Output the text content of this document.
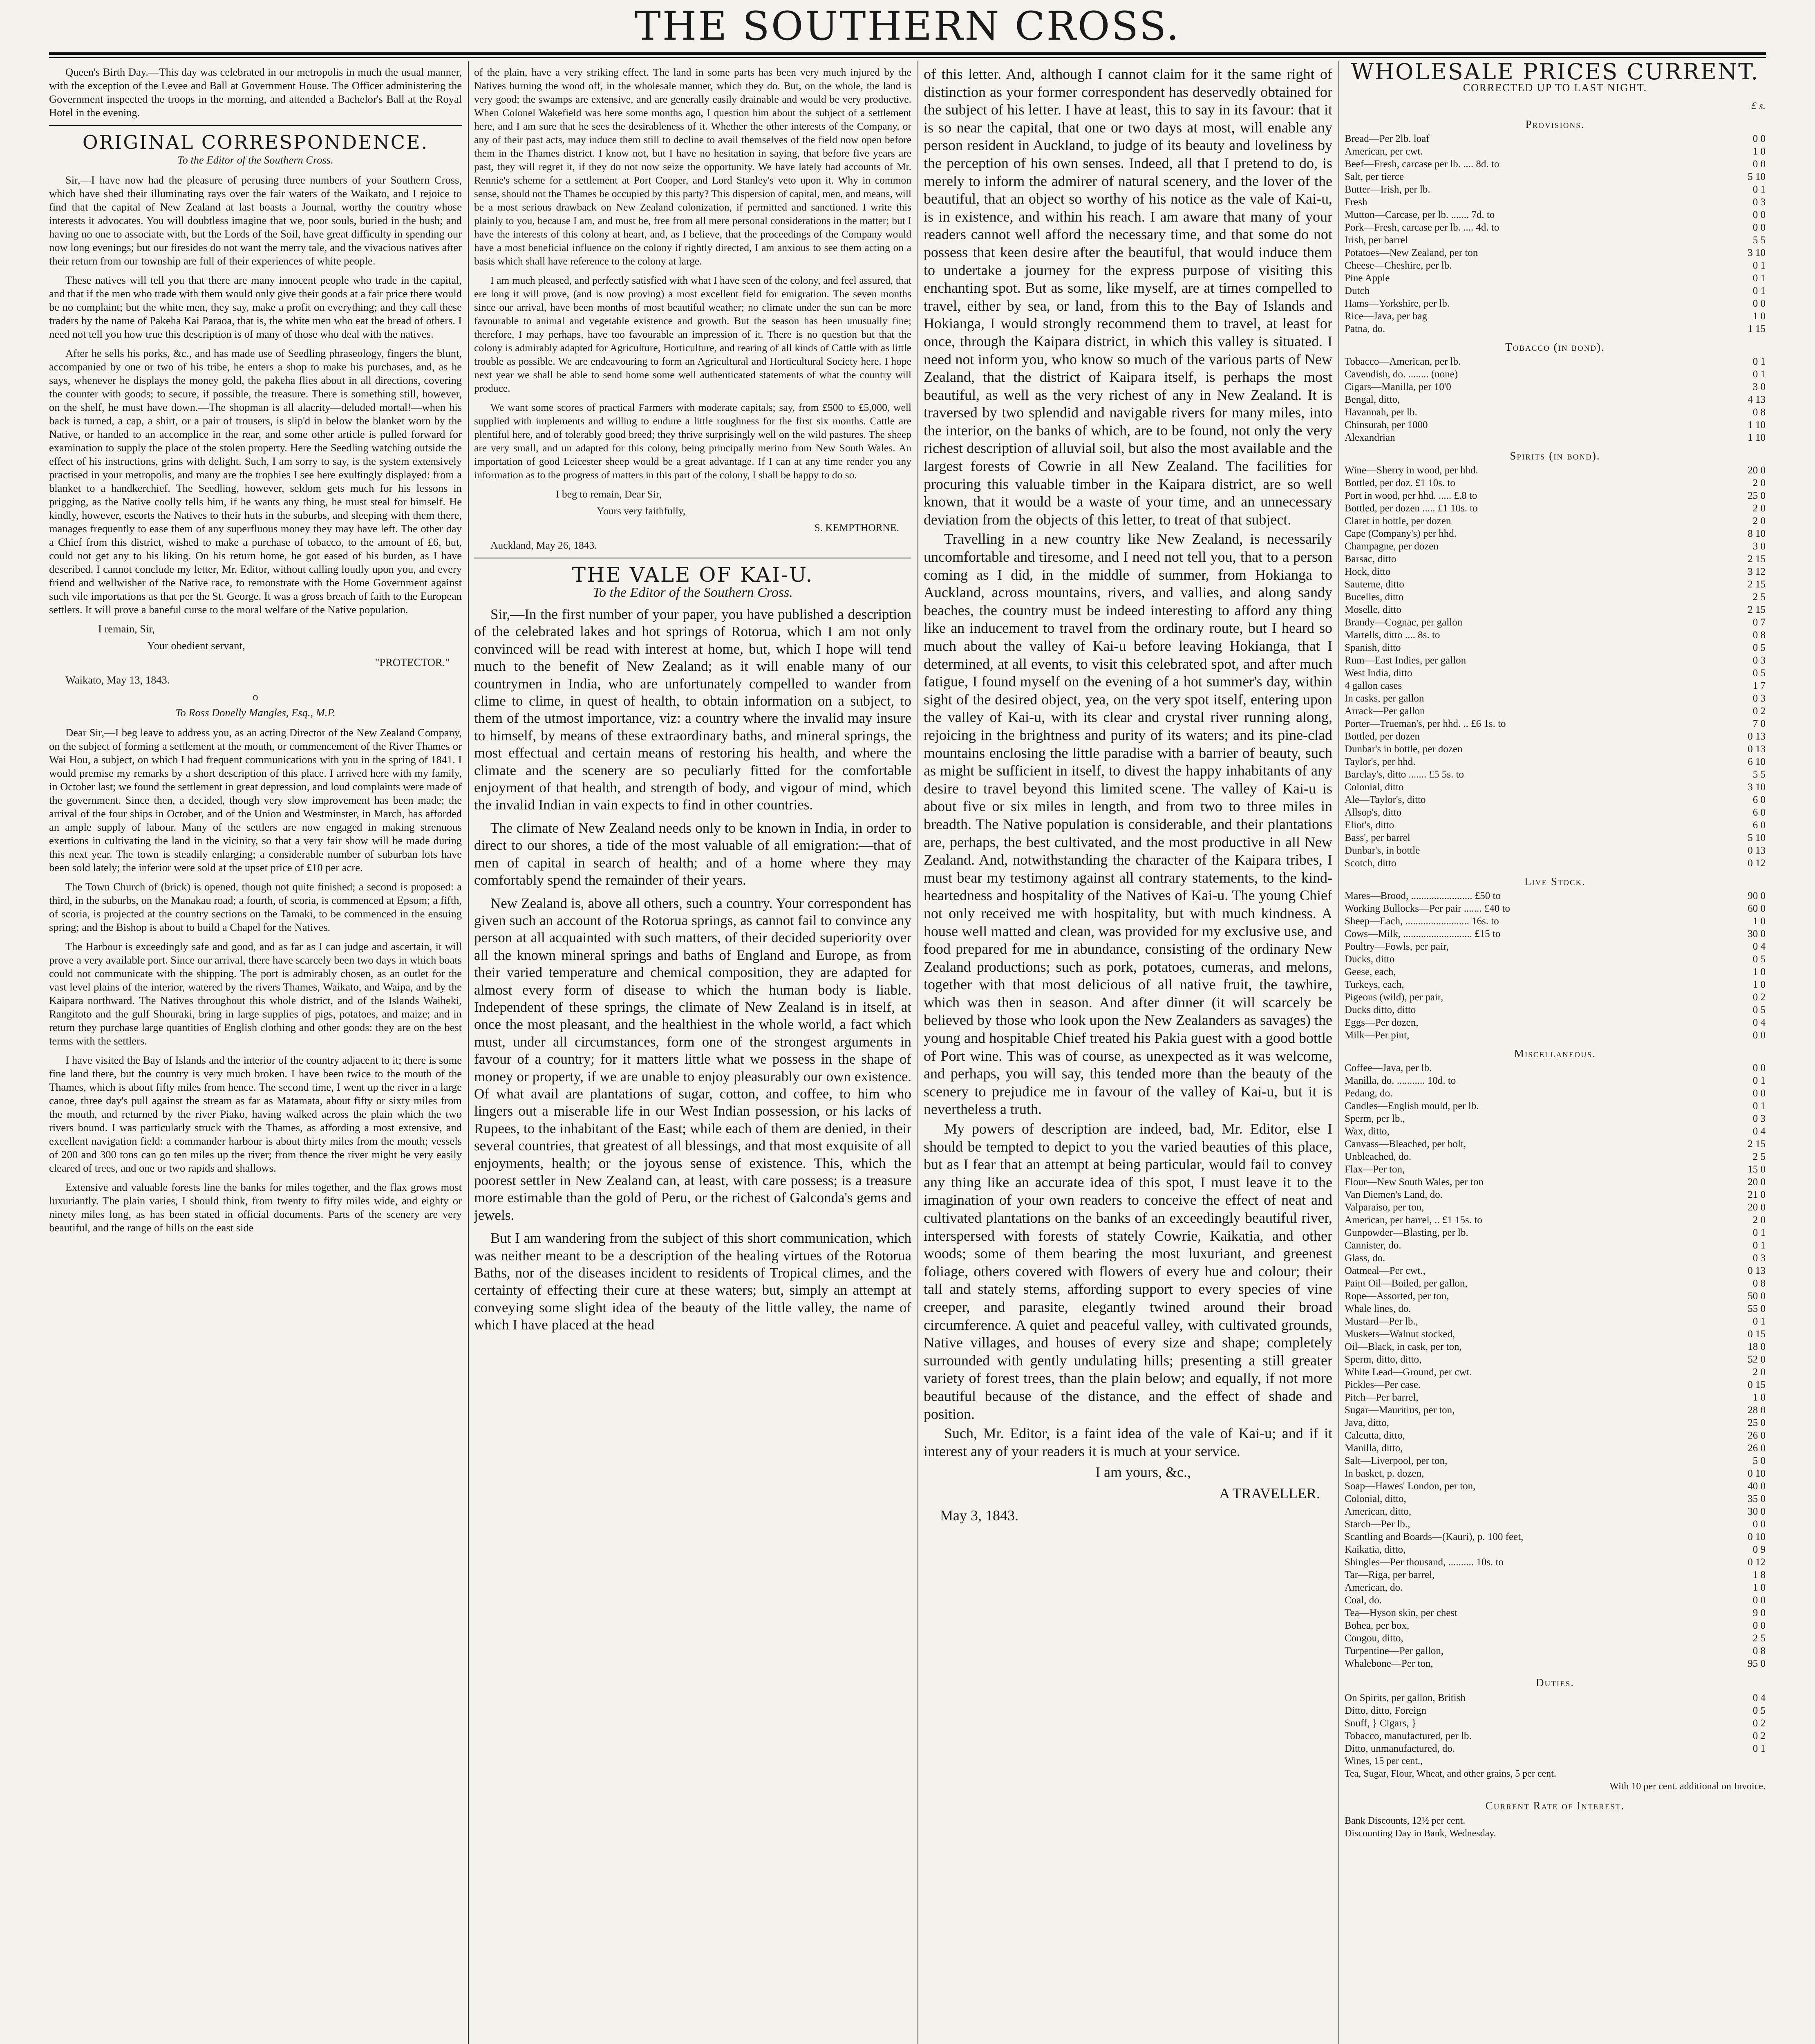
THE SOUTHERN CROSS.

Queen's Birth Day.—This day was celebrated in our metropolis in much the usual manner, with the exception of the Levee and Ball at Government House. The Officer administering the Government inspected the troops in the morning, and attended a Bachelor's Ball at the Royal Hotel in the evening.

ORIGINAL CORRESPONDENCE.
To the Editor of the Southern Cross.

Sir,—I have now had the pleasure of perusing three numbers of your Southern Cross, which have shed their illuminating rays over the fair waters of the Waikato, and I rejoice to find that the capital of New Zealand at last boasts a Journal, worthy the country whose interests it advocates. You will doubtless imagine that we, poor souls, buried in the bush; and having no one to associate with, but the Lords of the Soil, have great difficulty in spending our now long evenings; but our firesides do not want the merry tale, and the vivacious natives after their return from our township are full of their experiences of white people.

These natives will tell you that there are many innocent people who trade in the capital, and that if the men who trade with them would only give their goods at a fair price there would be no complaint; but the white men, they say, make a profit on everything; and they call these traders by the name of Pakeha Kai Paraoa, that is, the white men who eat the bread of others. I need not tell you how true this description is of many of those who deal with the natives.

After he sells his porks, &c., and has made use of Seedling phraseology, fingers the blunt, accompanied by one or two of his tribe, he enters a shop to make his purchases, and, as he says, whenever he displays the money gold, the pakeha flies about in all directions, covering the counter with goods; to secure, if possible, the treasure. There is something still, however, on the shelf, he must have down.—The shopman is all alacrity—deluded mortal!—when his back is turned, a cap, a shirt, or a pair of trousers, is slip'd in below the blanket worn by the Native, or handed to an accomplice in the rear, and some other article is pulled forward for examination to supply the place of the stolen property. Here the Seedling watching outside the effect of his instructions, grins with delight. Such, I am sorry to say, is the system extensively practised in your metropolis, and many are the trophies I see here exultingly displayed: from a blanket to a handkerchief. The Seedling, however, seldom gets much for his lessons in prigging, as the Native coolly tells him, if he wants any thing, he must steal for himself. He kindly, however, escorts the Natives to their huts in the suburbs, and sleeping with them there, manages frequently to ease them of any superfluous money they may have left. The other day a Chief from this district, wished to make a purchase of tobacco, to the amount of £6, but, could not get any to his liking. On his return home, he got eased of his burden, as I have described. I cannot conclude my letter, Mr. Editor, without calling loudly upon you, and every friend and wellwisher of the Native race, to remonstrate with the Home Government against such vile importations as that per the St. George. It was a gross breach of faith to the European settlers. It will prove a baneful curse to the moral welfare of the Native population.

I remain, Sir,
Your obedient servant,
"PROTECTOR."
Waikato, May 13, 1843.
o
To Ross Donelly Mangles, Esq., M.P.

Dear Sir,—I beg leave to address you, as an acting Director of the New Zealand Company, on the subject of forming a settlement at the mouth, or commencement of the River Thames or Wai Hou, a subject, on which I had frequent communications with you in the spring of 1841. I would premise my remarks by a short description of this place. I arrived here with my family, in October last; we found the settlement in great depression, and loud complaints were made of the government. Since then, a decided, though very slow improvement has been made; the arrival of the four ships in October, and of the Union and Westminster, in March, has afforded an ample supply of labour. Many of the settlers are now engaged in making strenuous exertions in cultivating the land in the vicinity, so that a very fair show will be made during this next year. The town is steadily enlarging; a considerable number of suburban lots have been sold lately; the inferior were sold at the upset price of £10 per acre.

The Town Church of (brick) is opened, though not quite finished; a second is proposed: a third, in the suburbs, on the Manakau road; a fourth, of scoria, is commenced at Epsom; a fifth, of scoria, is projected at the country sections on the Tamaki, to be commenced in the ensuing spring; and the Bishop is about to build a Chapel for the Natives.

The Harbour is exceedingly safe and good, and as far as I can judge and ascertain, it will prove a very available port. Since our arrival, there have scarcely been two days in which boats could not communicate with the shipping. The port is admirably chosen, as an outlet for the vast level plains of the interior, watered by the rivers Thames, Waikato, and Waipa, and by the Kaipara northward. The Natives throughout this whole district, and of the Islands Waiheki, Rangitoto and the gulf Shouraki, bring in large supplies of pigs, potatoes, and maize; and in return they purchase large quantities of English clothing and other goods: they are on the best terms with the settlers.

I have visited the Bay of Islands and the interior of the country adjacent to it; there is some fine land there, but the country is very much broken. I have been twice to the mouth of the Thames, which is about fifty miles from hence. The second time, I went up the river in a large canoe, three day's pull against the stream as far as Matamata, about fifty or sixty miles from the mouth, and returned by the river Piako, having walked across the plain which the two rivers bound. I was particularly struck with the Thames, as affording a most extensive, and excellent navigation field: a commander harbour is about thirty miles from the mouth; vessels of 200 and 300 tons can go ten miles up the river; from thence the river might be very easily cleared of trees, and one or two rapids and shallows.

Extensive and valuable forests line the banks for miles together, and the flax grows most luxuriantly. The plain varies, I should think, from twenty to fifty miles wide, and eighty or ninety miles long, as has been stated in official documents. Parts of the scenery are very beautiful, and the range of hills on the east side

of the plain, have a very striking effect. The land in some parts has been very much injured by the Natives burning the wood off, in the wholesale manner, which they do. But, on the whole, the land is very good; the swamps are extensive, and are generally easily drainable and would be very productive. When Colonel Wakefield was here some months ago, I question him about the subject of a settlement here, and I am sure that he sees the desirableness of it. Whether the other interests of the Company, or any of their past acts, may induce them still to decline to avail themselves of the field now open before them in the Thames district. I know not, but I have no hesitation in saying, that before five years are past, they will regret it, if they do not now seize the opportunity. We have lately had accounts of Mr. Rennie's scheme for a settlement at Port Cooper, and Lord Stanley's veto upon it. Why in common sense, should not the Thames be occupied by this party? This dispersion of capital, men, and means, will be a most serious drawback on New Zealand colonization, if permitted and sanctioned. I write this plainly to you, because I am, and must be, free from all mere personal considerations in the matter; but I have the interests of this colony at heart, and, as I believe, that the proceedings of the Company would have a most beneficial influence on the colony if rightly directed, I am anxious to see them acting on a basis which shall have reference to the colony at large.

I am much pleased, and perfectly satisfied with what I have seen of the colony, and feel assured, that ere long it will prove, (and is now proving) a most excellent field for emigration. The seven months since our arrival, have been months of most beautiful weather; no climate under the sun can be more favourable to animal and vegetable existence and growth. But the season has been unusually fine; therefore, I may perhaps, have too favourable an impression of it. There is no question but that the colony is admirably adapted for Agriculture, Horticulture, and rearing of all kinds of Cattle with as little trouble as possible. We are endeavouring to form an Agricultural and Horticultural Society here. I hope next year we shall be able to send home some well authenticated statements of what the country will produce.

We want some scores of practical Farmers with moderate capitals; say, from £500 to £5,000, well supplied with implements and willing to endure a little roughness for the first six months. Cattle are plentiful here, and of tolerably good breed; they thrive surprisingly well on the wild pastures. The sheep are very small, and un adapted for this colony, being principally merino from New South Wales. An importation of good Leicester sheep would be a great advantage. If I can at any time render you any information as to the progress of matters in this part of the colony, I shall be happy to do so.

I beg to remain, Dear Sir,
Yours very faithfully,
S. KEMPTHORNE.
Auckland, May 26, 1843.
THE VALE OF KAI-U.
To the Editor of the Southern Cross.

Sir,—In the first number of your paper, you have published a description of the celebrated lakes and hot springs of Rotorua, which I am not only convinced will be read with interest at home, but, which I hope will tend much to the benefit of New Zealand; as it will enable many of our countrymen in India, who are unfortunately compelled to wander from clime to clime, in quest of health, to obtain information on a subject, to them of the utmost importance, viz: a country where the invalid may insure to himself, by means of these extraordinary baths, and mineral springs, the most effectual and certain means of restoring his health, and where the climate and the scenery are so peculiarly fitted for the comfortable enjoyment of that health, and strength of body, and vigour of mind, which the invalid Indian in vain expects to find in other countries.

The climate of New Zealand needs only to be known in India, in order to direct to our shores, a tide of the most valuable of all emigration:—that of men of capital in search of health; and of a home where they may comfortably spend the remainder of their years.

New Zealand is, above all others, such a country. Your correspondent has given such an account of the Rotorua springs, as cannot fail to convince any person at all acquainted with such matters, of their decided superiority over all the known mineral springs and baths of England and Europe, as from their varied temperature and chemical composition, they are adapted for almost every form of disease to which the human body is liable. Independent of these springs, the climate of New Zealand is in itself, at once the most pleasant, and the healthiest in the whole world, a fact which must, under all circumstances, form one of the strongest arguments in favour of a country; for it matters little what we possess in the shape of money or property, if we are unable to enjoy pleasurably our own existence. Of what avail are plantations of sugar, cotton, and coffee, to him who lingers out a miserable life in our West Indian possession, or his lacks of Rupees, to the inhabitant of the East; while each of them are denied, in their several countries, that greatest of all blessings, and that most exquisite of all enjoyments, health; or the joyous sense of existence. This, which the poorest settler in New Zealand can, at least, with care possess; is a treasure more estimable than the gold of Peru, or the richest of Galconda's gems and jewels.

But I am wandering from the subject of this short communication, which was neither meant to be a description of the healing virtues of the Rotorua Baths, nor of the diseases incident to residents of Tropical climes, and the certainty of effecting their cure at these waters; but, simply an attempt at conveying some slight idea of the beauty of the little valley, the name of which I have placed at the head

of this letter. And, although I cannot claim for it the same right of distinction as your former correspondent has deservedly obtained for the subject of his letter. I have at least, this to say in its favour: that it is so near the capital, that one or two days at most, will enable any person resident in Auckland, to judge of its beauty and loveliness by the perception of his own senses. Indeed, all that I pretend to do, is merely to inform the admirer of natural scenery, and the lover of the beautiful, that an object so worthy of his notice as the vale of Kai-u, is in existence, and within his reach. I am aware that many of your readers cannot well afford the necessary time, and that some do not possess that keen desire after the beautiful, that would induce them to undertake a journey for the express purpose of visiting this enchanting spot. But as some, like myself, are at times compelled to travel, either by sea, or land, from this to the Bay of Islands and Hokianga, I would strongly recommend them to travel, at least for once, through the Kaipara district, in which this valley is situated. I need not inform you, who know so much of the various parts of New Zealand, that the district of Kaipara itself, is perhaps the most beautiful, as well as the very richest of any in New Zealand. It is traversed by two splendid and navigable rivers for many miles, into the interior, on the banks of which, are to be found, not only the very richest description of alluvial soil, but also the most available and the largest forests of Cowrie in all New Zealand. The facilities for procuring this valuable timber in the Kaipara district, are so well known, that it would be a waste of your time, and an unnecessary deviation from the objects of this letter, to treat of that subject.

Travelling in a new country like New Zealand, is necessarily uncomfortable and tiresome, and I need not tell you, that to a person coming as I did, in the middle of summer, from Hokianga to Auckland, across mountains, rivers, and vallies, and along sandy beaches, the country must be indeed interesting to afford any thing like an inducement to travel from the ordinary route, but I heard so much about the valley of Kai-u before leaving Hokianga, that I determined, at all events, to visit this celebrated spot, and after much fatigue, I found myself on the evening of a hot summer's day, within sight of the desired object, yea, on the very spot itself, entering upon the valley of Kai-u, with its clear and crystal river running along, rejoicing in the brightness and purity of its waters; and its pine-clad mountains enclosing the little paradise with a barrier of beauty, such as might be sufficient in itself, to divest the happy inhabitants of any desire to travel beyond this limited scene. The valley of Kai-u is about five or six miles in length, and from two to three miles in breadth. The Native population is considerable, and their plantations are, perhaps, the best cultivated, and the most productive in all New Zealand. And, notwithstanding the character of the Kaipara tribes, I must bear my testimony against all contrary statements, to the kind-heartedness and hospitality of the Natives of Kai-u. The young Chief not only received me with hospitality, but with much kindness. A house well matted and clean, was provided for my exclusive use, and food prepared for me in abundance, consisting of the ordinary New Zealand productions; such as pork, potatoes, cumeras, and melons, together with that most delicious of all native fruit, the tawhire, which was then in season. And after dinner (it will scarcely be believed by those who look upon the New Zealanders as savages) the young and hospitable Chief treated his Pakia guest with a good bottle of Port wine. This was of course, as unexpected as it was welcome, and perhaps, you will say, this tended more than the beauty of the scenery to prejudice me in favour of the valley of Kai-u, but it is nevertheless a truth.

My powers of description are indeed, bad, Mr. Editor, else I should be tempted to depict to you the varied beauties of this place, but as I fear that an attempt at being particular, would fail to convey any thing like an accurate idea of this spot, I must leave it to the imagination of your own readers to conceive the effect of neat and cultivated plantations on the banks of an exceedingly beautiful river, interspersed with forests of stately Cowrie, Kaikatia, and other woods; some of them bearing the most luxuriant, and greenest foliage, others covered with flowers of every hue and colour; their tall and stately stems, affording support to every species of vine creeper, and parasite, elegantly twined around their broad circumference. A quiet and peaceful valley, with cultivated grounds, Native villages, and houses of every size and shape; completely surrounded with gently undulating hills; presenting a still greater variety of forest trees, than the plain below; and equally, if not more beautiful because of the distance, and the effect of shade and position.

Such, Mr. Editor, is a faint idea of the vale of Kai-u; and if it interest any of your readers it is much at your service.

I am yours, &c.,
A TRAVELLER.
May 3, 1843.
WHOLESALE PRICES CURRENT.
CORRECTED UP TO LAST NIGHT.
£ s.
Provisions.
Bread—Per 2lb. loaf	0 0
American, per cwt.	1 0
Beef—Fresh, carcase per lb. .... 8d. to	0 0
Salt, per tierce	5 10
Butter—Irish, per lb.	0 1
Fresh	0 3
Mutton—Carcase, per lb. ....... 7d. to	0 0
Pork—Fresh, carcase per lb. .... 4d. to	0 0
Irish, per barrel	5 5
Potatoes—New Zealand, per ton	3 10
Cheese—Cheshire, per lb.	0 1
Pine Apple	0 1
Dutch	0 1
Hams—Yorkshire, per lb.	0 0
Rice—Java, per bag	1 0
Patna, do.	1 15
Tobacco (in bond).
Tobacco—American, per lb.	0 1
Cavendish, do. ........ (none)	0 1
Cigars—Manilla, per 10'0	3 0
Bengal, ditto,	4 13
Havannah, per lb.	0 8
Chinsurah, per 1000	1 10
Alexandrian	1 10
Spirits (in bond).
Wine—Sherry in wood, per hhd.	20 0
Bottled, per doz. £1 10s. to	2 0
Port in wood, per hhd. ..... £.8 to	25 0
Bottled, per dozen ..... £1 10s. to	2 0
Claret in bottle, per dozen	2 0
Cape (Company's) per hhd.	8 10
Champagne, per dozen	3 0
Barsac, ditto	2 15
Hock, ditto	3 12
Sauterne, ditto	2 15
Bucelles, ditto	2 5
Moselle, ditto	2 15
Brandy—Cognac, per gallon	0 7
Martells, ditto .... 8s. to	0 8
Spanish, ditto	0 5
Rum—East Indies, per gallon	0 3
West India, ditto	0 5
4 gallon cases	1 7
In casks, per gallon	0 3
Arrack—Per gallon	0 2
Porter—Trueman's, per hhd. .. £6 1s. to	7 0
Bottled, per dozen	0 13
Dunbar's in bottle, per dozen	0 13
Taylor's, per hhd.	6 10
Barclay's, ditto ....... £5 5s. to	5 5
Colonial, ditto	3 10
Ale—Taylor's, ditto	6 0
Allsop's, ditto	6 0
Eliot's, ditto	6 0
Bass', per barrel	5 10
Dunbar's, in bottle	0 13
Scotch, ditto	0 12
Live Stock.
Mares—Brood, ........................ £50 to	90 0
Working Bullocks—Per pair ....... £40 to	60 0
Sheep—Each, ......................... 16s. to	1 0
Cows—Milk, ........................... £15 to	30 0
Poultry—Fowls, per pair,	0 4
Ducks, ditto	0 5
Geese, each,	1 0
Turkeys, each,	1 0
Pigeons (wild), per pair,	0 2
Ducks ditto, ditto	0 5
Eggs—Per dozen,	0 4
Milk—Per pint,	0 0
Miscellaneous.
Coffee—Java, per lb.	0 0
Manilla, do. ........... 10d. to	0 1
Pedang, do.	0 0
Candles—English mould, per lb.	0 1
Sperm, per lb.,	0 3
Wax, ditto,	0 4
Canvass—Bleached, per bolt,	2 15
Unbleached, do.	2 5
Flax—Per ton,	15 0
Flour—New South Wales, per ton	20 0
Van Diemen's Land, do.	21 0
Valparaiso, per ton,	20 0
American, per barrel, .. £1 15s. to	2 0
Gunpowder—Blasting, per lb.	0 1
Cannister, do.	0 1
Glass, do.	0 3
Oatmeal—Per cwt.,	0 13
Paint Oil—Boiled, per gallon,	0 8
Rope—Assorted, per ton,	50 0
Whale lines, do.	55 0
Mustard—Per lb.,	0 1
Muskets—Walnut stocked,	0 15
Oil—Black, in cask, per ton,	18 0
Sperm, ditto, ditto,	52 0
White Lead—Ground, per cwt.	2 0
Pickles—Per case.	0 15
Pitch—Per barrel,	1 0
Sugar—Mauritius, per ton,	28 0
Java, ditto,	25 0
Calcutta, ditto,	26 0
Manilla, ditto,	26 0
Salt—Liverpool, per ton,	5 0
In basket, p. dozen,	0 10
Soap—Hawes' London, per ton,	40 0
Colonial, ditto,	35 0
American, ditto,	30 0
Starch—Per lb.,	0 0
Scantling and Boards—(Kauri), p. 100 feet,	0 10
Kaikatia, ditto,	0 9
Shingles—Per thousand, .......... 10s. to	0 12
Tar—Riga, per barrel,	1 8
American, do.	1 0
Coal, do.	0 0
Tea—Hyson skin, per chest	9 0
Bohea, per box,	0 0
Congou, ditto,	2 5
Turpentine—Per gallon,	0 8
Whalebone—Per ton,	95 0
Duties.
On Spirits, per gallon, British	0 4
Ditto, ditto, Foreign	0 5
Snuff, } Cigars, }	0 2
Tobacco, manufactured, per lb.	0 2
Ditto, unmanufactured, do.	0 1
Wines, 15 per cent.,
Tea, Sugar, Flour, Wheat, and other grains, 5 per cent.
With 10 per cent. additional on Invoice.
Current Rate of Interest.
Bank Discounts, 12½ per cent.
Discounting Day in Bank, Wednesday.
